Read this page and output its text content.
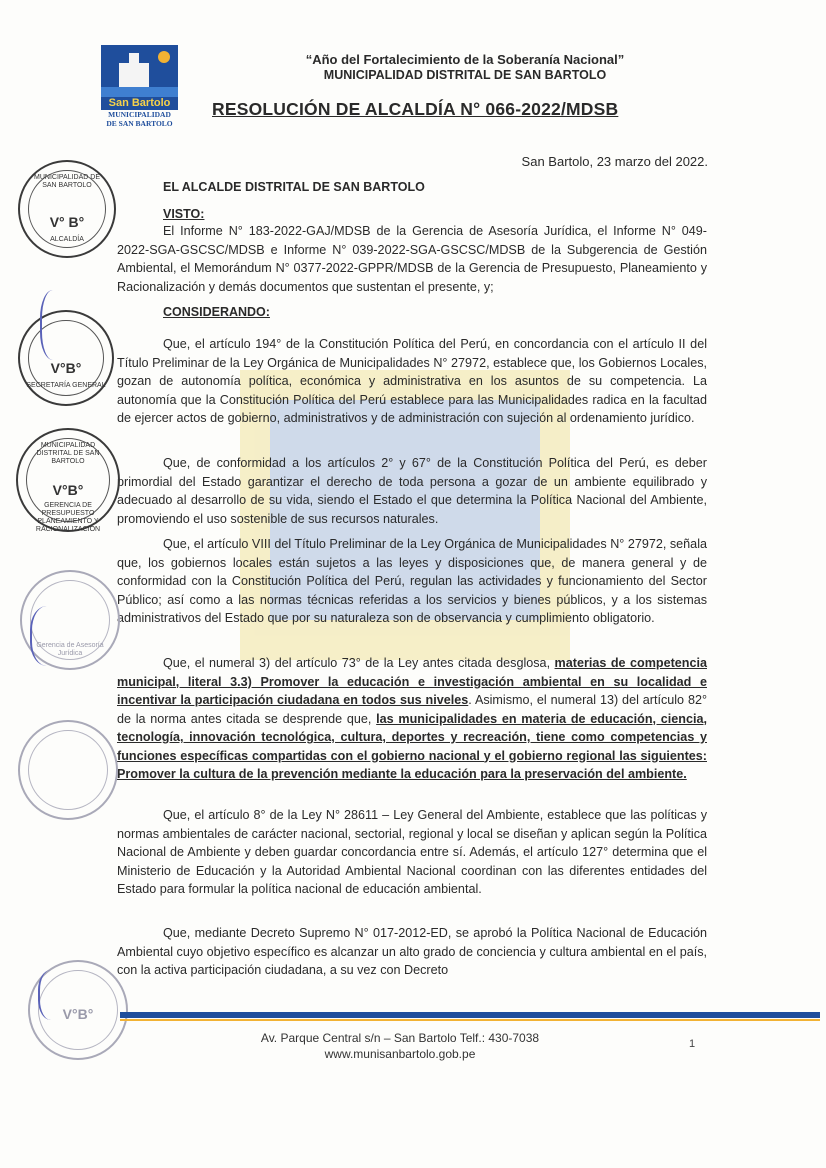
San Bartolo
MUNICIPALIDAD
DE SAN BARTOLO
“Año del Fortalecimiento de la Soberanía Nacional”
MUNICIPALIDAD DISTRITAL DE SAN BARTOLO
RESOLUCIÓN DE ALCALDÍA N° 066-2022/MDSB
San Bartolo, 23 marzo del 2022.
EL ALCALDE DISTRITAL DE SAN BARTOLO
VISTO:

El Informe N° 183-2022-GAJ/MDSB de la Gerencia de Asesoría Jurídica, el Informe N° 049-2022-SGA-GSCSC/MDSB e Informe N° 039-2022-SGA-GSCSC/MDSB de la Subgerencia de Gestión Ambiental, el Memorándum N° 0377-2022-GPPR/MDSB de la Gerencia de Presupuesto, Planeamiento y Racionalización y demás documentos que sustentan el presente, y;

CONSIDERANDO:

Que, el artículo 194° de la Constitución Política del Perú, en concordancia con el artículo II del Título Preliminar de la Ley Orgánica de Municipalidades N° 27972, establece que, los Gobiernos Locales, gozan de autonomía política, económica y administrativa en los asuntos de su competencia. La autonomía que la Constitución Política del Perú establece para las Municipalidades radica en la facultad de ejercer actos de gobierno, administrativos y de administración con sujeción al ordenamiento jurídico.

Que, de conformidad a los artículos 2° y 67° de la Constitución Política del Perú, es deber primordial del Estado garantizar el derecho de toda persona a gozar de un ambiente equilibrado y adecuado al desarrollo de su vida, siendo el Estado el que determina la Política Nacional del Ambiente, promoviendo el uso sostenible de sus recursos naturales.

Que, el artículo VIII del Título Preliminar de la Ley Orgánica de Municipalidades N° 27972, señala que, los gobiernos locales están sujetos a las leyes y disposiciones que, de manera general y de conformidad con la Constitución Política del Perú, regulan las actividades y funcionamiento del Sector Público; así como a las normas técnicas referidas a los servicios y bienes públicos, y a los sistemas administrativos del Estado que por su naturaleza son de observancia y cumplimiento obligatorio.

Que, el numeral 3) del artículo 73° de la Ley antes citada desglosa, materias de competencia municipal, literal 3.3) Promover la educación e investigación ambiental en su localidad e incentivar la participación ciudadana en todos sus niveles. Asimismo, el numeral 13) del artículo 82° de la norma antes citada se desprende que, las municipalidades en materia de educación, ciencia, tecnología, innovación tecnológica, cultura, deportes y recreación, tiene como competencias y funciones específicas compartidas con el gobierno nacional y el gobierno regional las siguientes: Promover la cultura de la prevención mediante la educación para la preservación del ambiente.

Que, el artículo 8° de la Ley N° 28611 – Ley General del Ambiente, establece que las políticas y normas ambientales de carácter nacional, sectorial, regional y local se diseñan y aplican según la Política Nacional de Ambiente y deben guardar concordancia entre sí. Además, el artículo 127° determina que el Ministerio de Educación y la Autoridad Ambiental Nacional coordinan con las diferentes entidades del Estado para formular la política nacional de educación ambiental.

Que, mediante Decreto Supremo N° 017-2012-ED, se aprobó la Política Nacional de Educación Ambiental cuyo objetivo específico es alcanzar un alto grado de conciencia y cultura ambiental en el país, con la activa participación ciudadana, a su vez con Decreto

MUNICIPALIDAD DE SAN BARTOLO
V° B°
ALCALDÍA
V°B°
SECRETARÍA GENERAL
MUNICIPALIDAD DISTRITAL DE SAN BARTOLO
V°B°
GERENCIA DE PRESUPUESTO PLANEAMIENTO Y RACIONALIZACIÓN
Gerencia de Asesoría Jurídica
V°B°
Av. Parque Central s/n – San Bartolo Telf.: 430-7038
www.munisanbartolo.gob.pe
1
